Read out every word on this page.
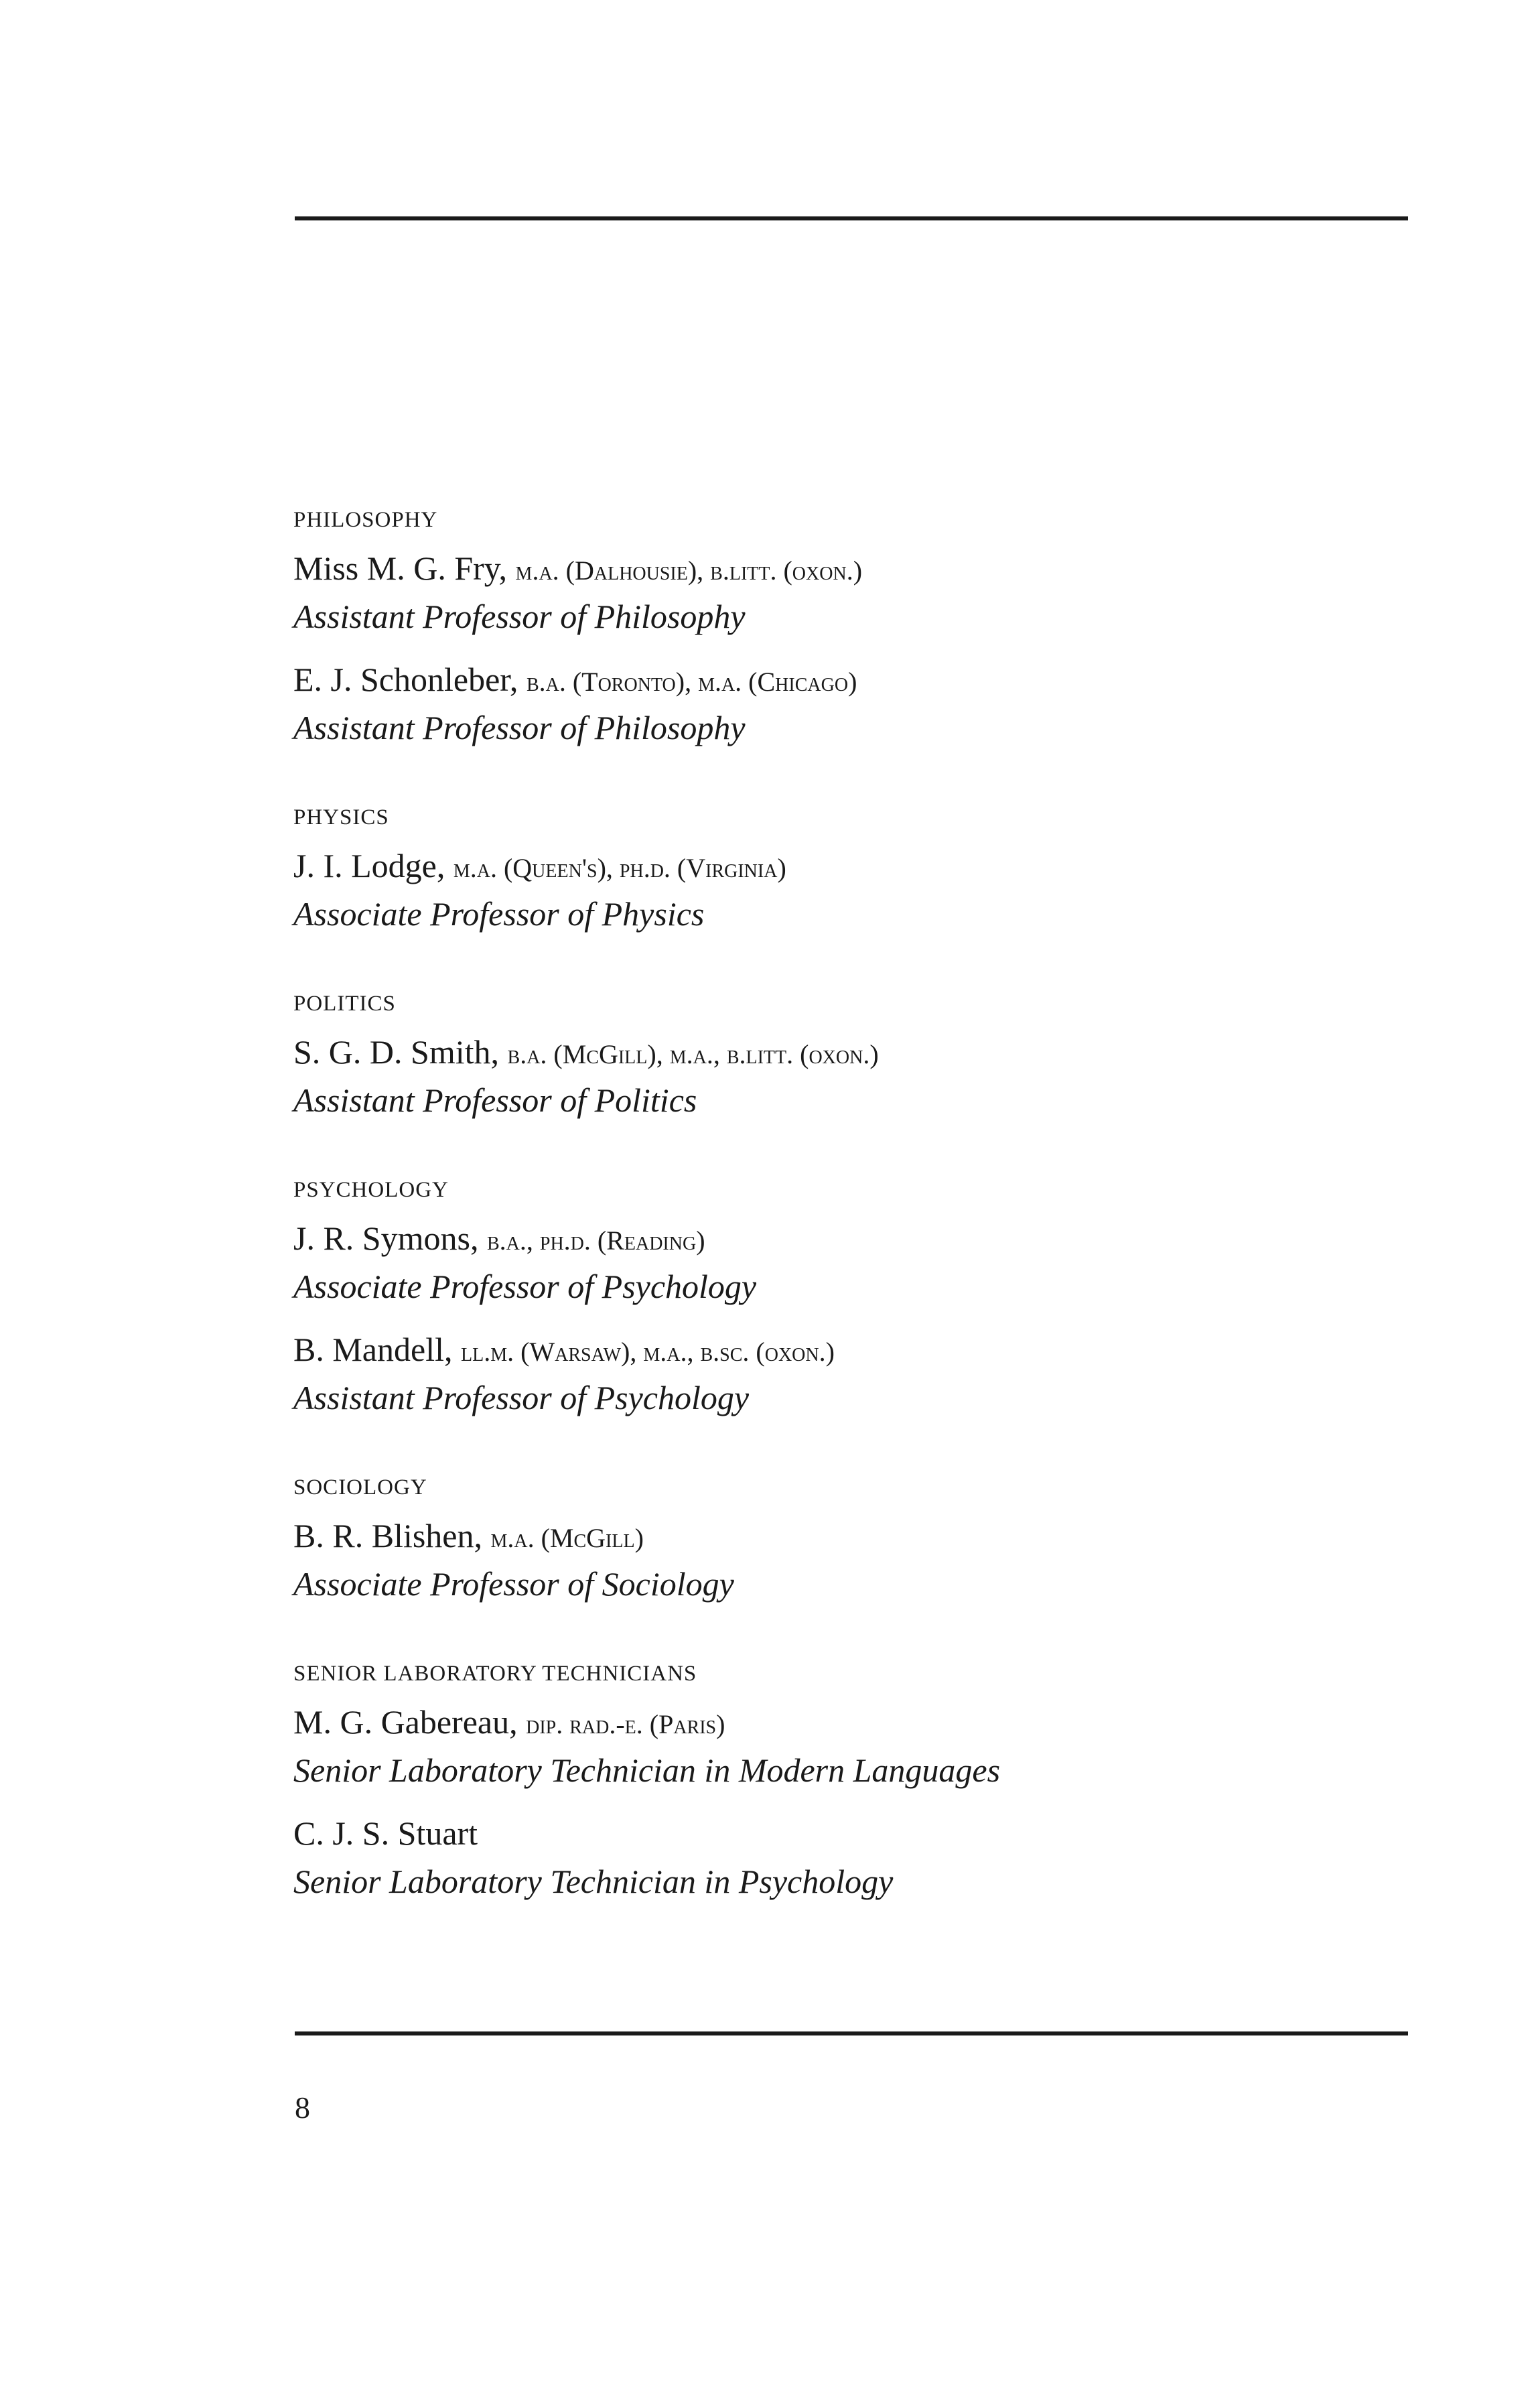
PHILOSOPHY
Miss M. G. Fry, m.a. (Dalhousie), b.litt. (oxon.)
Assistant Professor of Philosophy
E. J. Schonleber, b.a. (Toronto), m.a. (Chicago)
Assistant Professor of Philosophy
PHYSICS
J. I. Lodge, m.a. (Queen's), ph.d. (Virginia)
Associate Professor of Physics
POLITICS
S. G. D. Smith, b.a. (McGill), m.a., b.litt. (oxon.)
Assistant Professor of Politics
PSYCHOLOGY
J. R. Symons, b.a., ph.d. (Reading)
Associate Professor of Psychology
B. Mandell, ll.m. (Warsaw), m.a., b.sc. (oxon.)
Assistant Professor of Psychology
SOCIOLOGY
B. R. Blishen, m.a. (McGill)
Associate Professor of Sociology
SENIOR LABORATORY TECHNICIANS
M. G. Gabereau, dip. rad.-e. (Paris)
Senior Laboratory Technician in Modern Languages
C. J. S. Stuart
Senior Laboratory Technician in Psychology
8
